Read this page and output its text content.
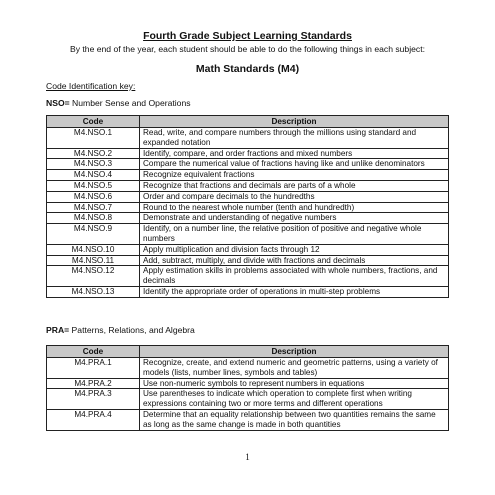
Fourth Grade Subject Learning Standards
By the end of the year, each student should be able to do the following things in each subject:
Math Standards (M4)
Code Identification key:
NSO= Number Sense and Operations
Code	Description
M4.NSO.1	Read, write, and compare numbers through the millions using standard and expanded notation
M4.NSO.2	Identify, compare, and order fractions and mixed numbers
M4.NSO.3	Compare the numerical value of fractions having like and unlike denominators
M4.NSO.4	Recognize equivalent fractions
M4.NSO.5	Recognize that fractions and decimals are parts of a whole
M4.NSO.6	Order and compare decimals to the hundredths
M4.NSO.7	Round to the nearest whole number (tenth and hundredth)
M4.NSO.8	Demonstrate and understanding of negative numbers
M4.NSO.9	Identify, on a number line, the relative position of positive and negative whole numbers
M4.NSO.10	Apply multiplication and division facts through 12
M4.NSO.11	Add, subtract, multiply, and divide with fractions and decimals
M4.NSO.12	Apply estimation skills in problems associated with whole numbers, fractions, and decimals
M4.NSO.13	Identify the appropriate order of operations in multi-step problems
PRA= Patterns, Relations, and Algebra
Code	Description
M4.PRA.1	Recognize, create, and extend numeric and geometric patterns, using a variety of models (lists, number lines, symbols and tables)
M4.PRA.2	Use non-numeric symbols to represent numbers in equations
M4.PRA.3	Use parentheses to indicate which operation to complete first when writing expressions containing two or more terms and different operations
M4.PRA.4	Determine that an equality relationship between two quantities remains the same as long as the same change is made in both quantities
1
